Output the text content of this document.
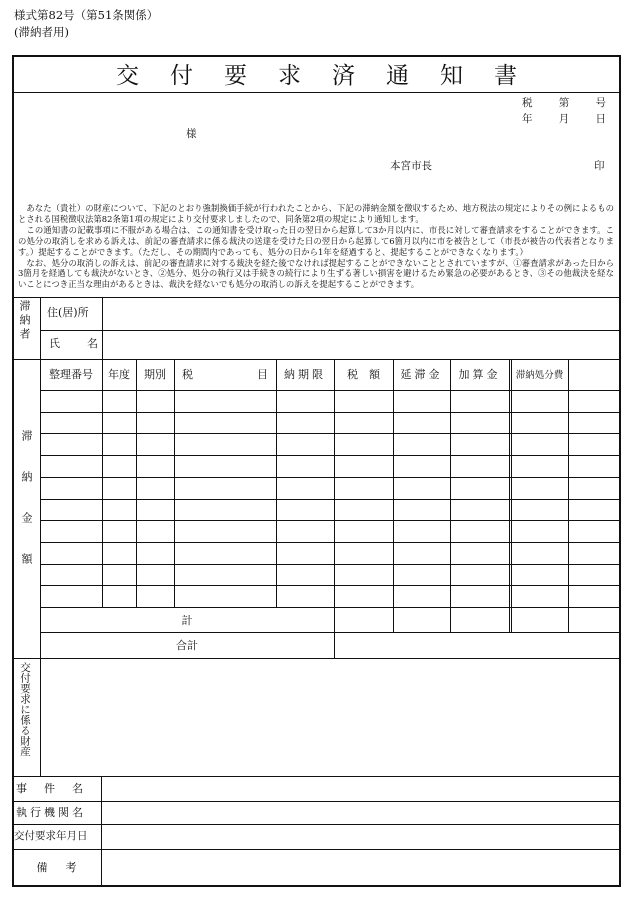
様式第82号（第51条関係）
(滞納者用)
交付要求済通知書
税	第	号
年	月	日
様
本宮市長	印

あなた（貴社）の財産について、下記のとおり強制換価手続が行われたことから、下記の滞納金額を徴収するため、地方税法の規定によりその例によるものとされる国税徴収法第82条第1項の規定により交付要求しましたので、同条第2項の規定により通知します。

この通知書の記載事項に不服がある場合は、この通知書を受け取った日の翌日から起算して3か月以内に、市長に対して審査請求をすることができます。この処分の取消しを求める訴えは、前記の審査請求に係る裁決の送達を受けた日の翌日から起算して6箇月以内に市を被告として（市長が被告の代表者となります。）提起することができます。（ただし、その期間内であっても、処分の日から1年を経過すると、提起することができなくなります。）

なお、処分の取消しの訴えは、前記の審査請求に対する裁決を経た後でなければ提起することができないこととされていますが、①審査請求があった日から3箇月を経過しても裁決がないとき、②処分、処分の執行又は手続きの続行により生ずる著しい損害を避けるため緊急の必要があるとき、③その他裁決を経ないことにつき正当な理由があるときは、裁決を経ないでも処分の取消しの訴えを提起することができます。

滞納者 住(居)所
氏　名
滞納金額
整理番号	年度	期別	税	目	納期限	税　額	延滞金	加算金	滞納処分費
計
合計
交付要求に係る財産
事件名
執行機関名
交付要求年月日
備考
